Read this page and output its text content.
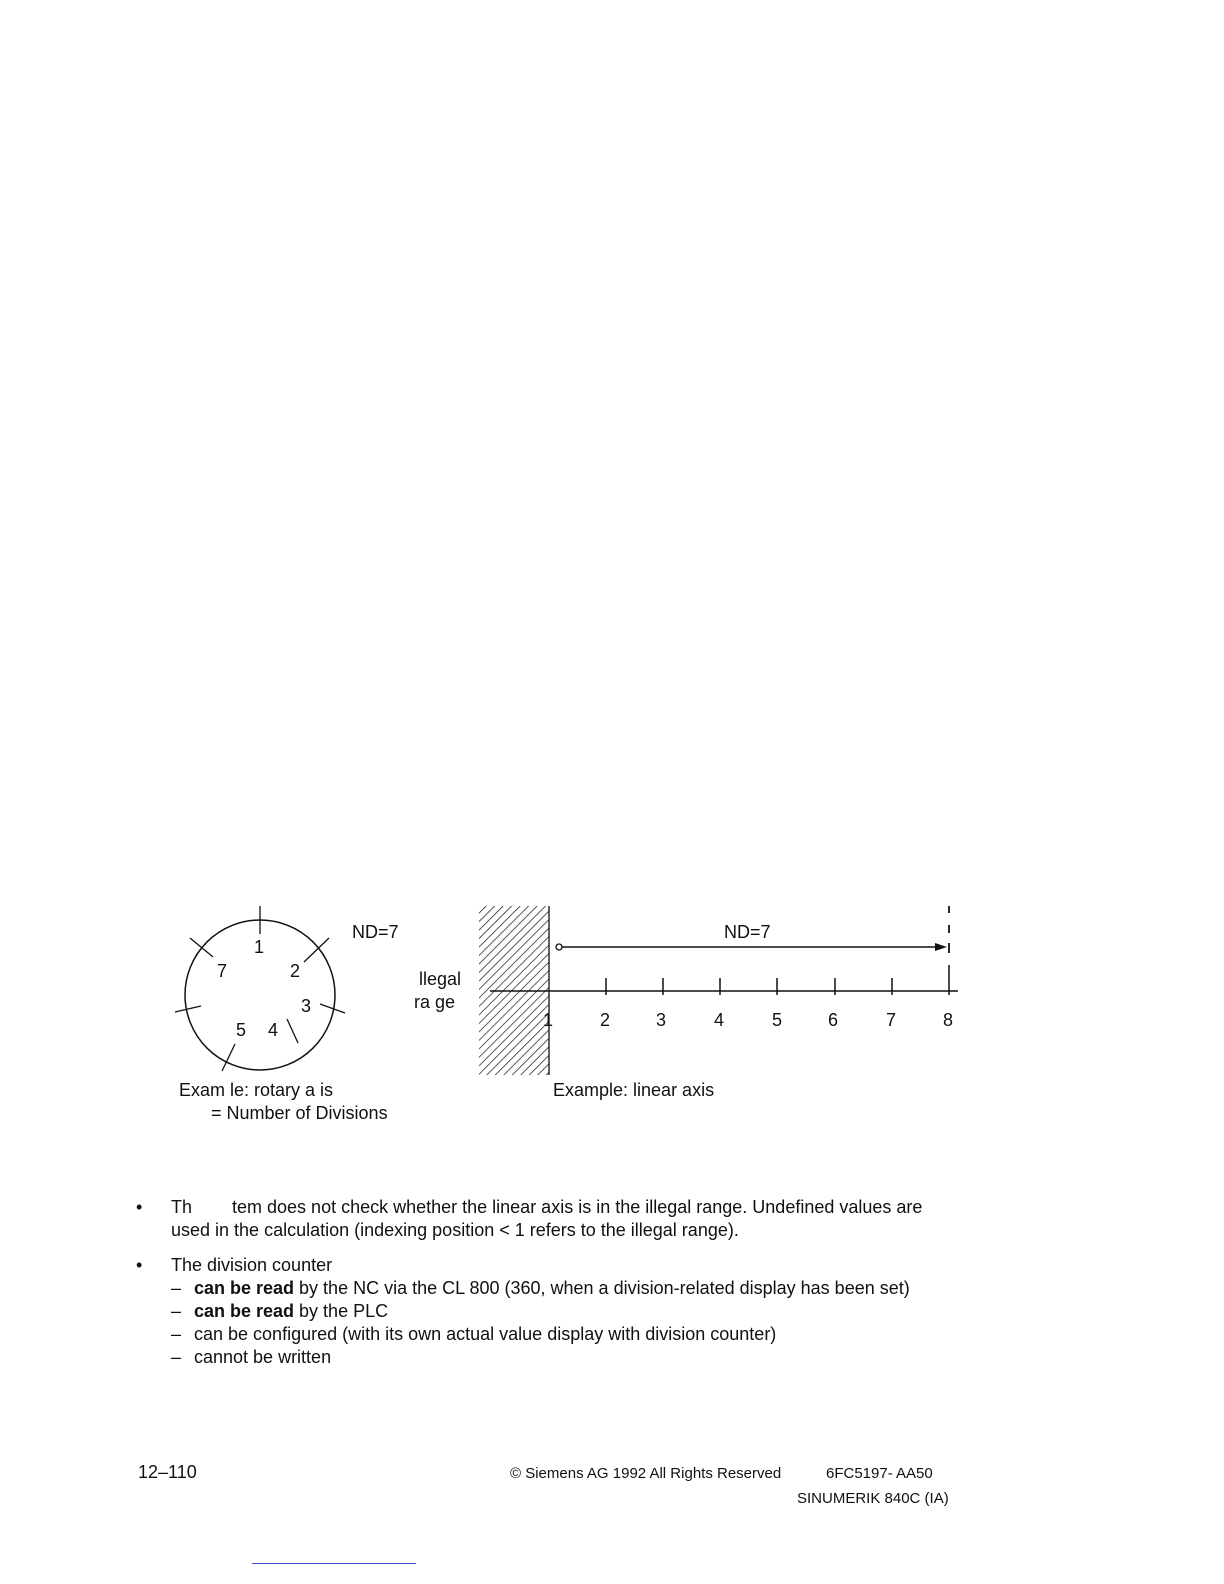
1
2
3
4
5
7
ND=7
Exam le: rotary a is
= Number of Divisions
llegal
ra ge
ND=7
1	2	3	4	5	6	7	8
Example: linear axis
• Th        tem does not check whether the linear axis is in the illegal range. Undefined values are used in the calculation (indexing position < 1 refers to the illegal range).
• The division counter
– can be read by the NC via the CL 800 (360, when a division-related display has been set)
– can be read by the PLC
– can be configured (with its own actual value display with division counter)
– cannot be written
12–110	© Siemens AG 1992 All Rights Reserved	6FC5197- AA50
SINUMERIK 840C (IA)
